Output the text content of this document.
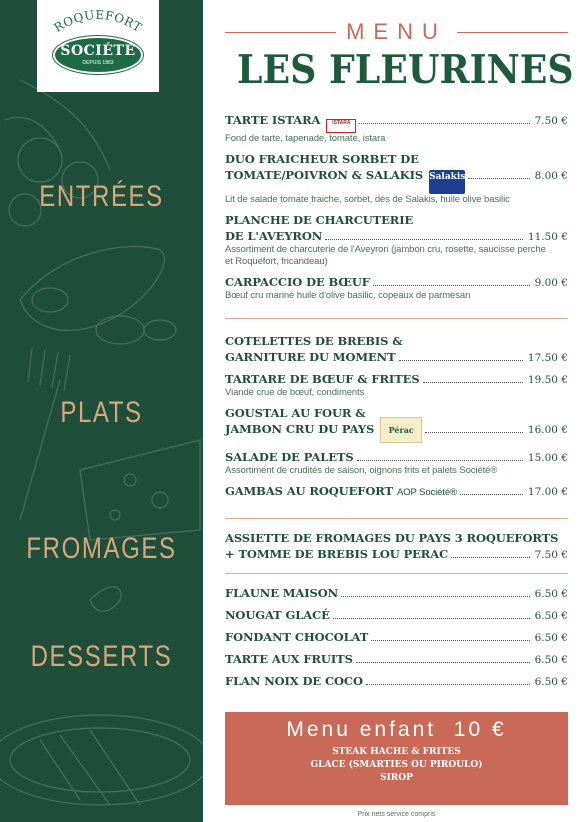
ROQUEFORT
SOCIÉTÉ
DEPUIS 1863
ENTRÉES
PLATS
FROMAGES
DESSERTS
MENU
LES FLEURINES
TARTE ISTARA	ISTARA	7.50 €
Fond de tarte, tapenade, tomate, istara
DUO FRAICHEUR SORBET DE
TOMATE/POIVRON & SALAKIS Salakis	8.00 €
Lit de salade tomate fraiche, sorbet, dés de Salakis, huile olive basilic
PLANCHE DE CHARCUTERIE
DE L'AVEYRON	11.50 €
Assortiment de charcuterie de l'Aveyron (jambon cru, rosette, saucisse perche
et Roquefort, fricandeau)
CARPACCIO DE BŒUF	9.00 €
Bœuf cru mariné huile d'olive basilic, copeaux de parmesan
COTELETTES DE BREBIS &
GARNITURE DU MOMENT	17.50 €
TARTARE DE BŒUF & FRITES	19.50 €
Viande crue de bœuf, condiments
GOUSTAL AU FOUR &
JAMBON CRU DU PAYS	Pérac	16.00 €
SALADE DE PALETS	15.00 €
Assortiment de crudités de saison, oignons frits et palets Société®
GAMBAS AU ROQUEFORT AOP Société®	17.00 €
ASSIETTE DE FROMAGES DU PAYS 3 ROQUEFORTS
+ TOMME DE BREBIS LOU PERAC	7.50 €
FLAUNE MAISON	6.50 €
NOUGAT GLACÉ	6.50 €
FONDANT CHOCOLAT	6.50 €
TARTE AUX FRUITS	6.50 €
FLAN NOIX DE COCO	6.50 €
Menu enfant 10 €
STEAK HACHE & FRITES
GLACE (SMARTIES OU PIROULO)
SIROP
Prix nets service compris
